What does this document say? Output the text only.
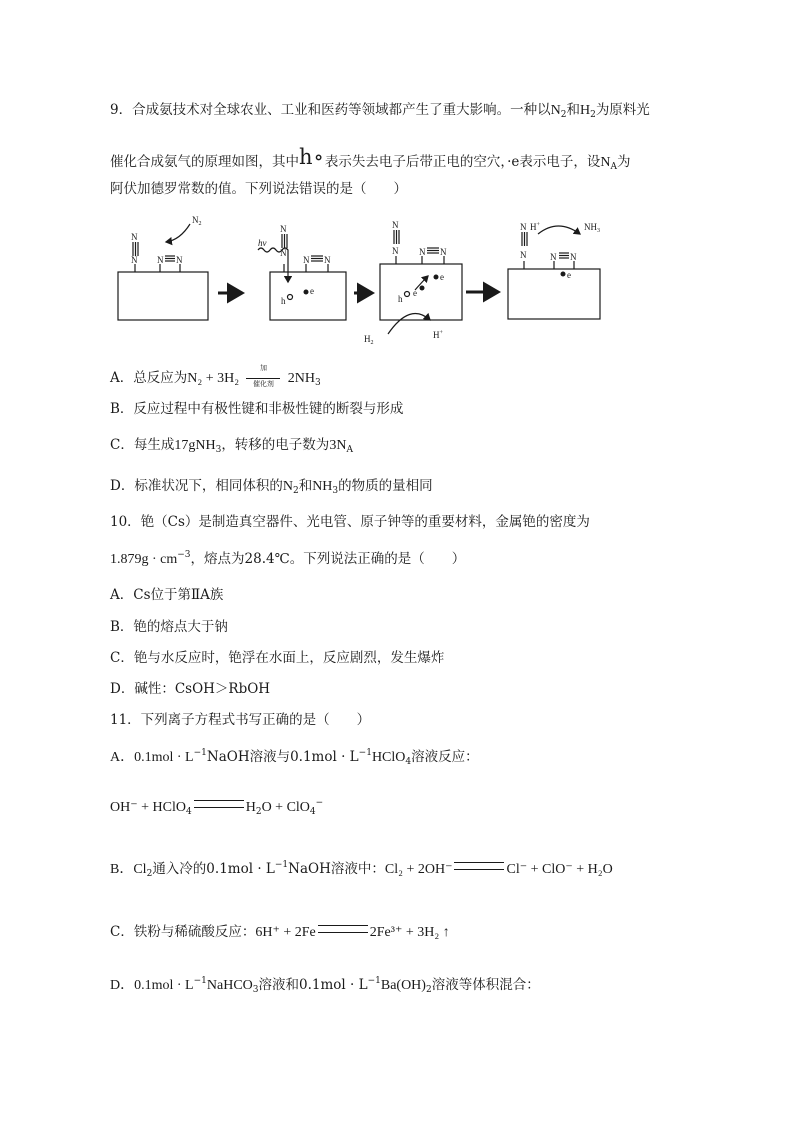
9．合成氨技术对全球农业、工业和医药等领域都产生了重大影响。一种以$N_2$和$H_2$为原料光
催化合成氨气的原理如图，其中h∘表示失去电子后带正电的空穴，·e表示电子，设$N_A$为
阿伏加德罗常数的值。下列说法错误的是（　　）
N
N N N
N
N
N N
N
N N N
N
N	N N
$N_2$
hν
h
e
h
e
e
$H_2$
H+
H+	$NH_3$
e
A．总反应为N₂ + 3H₂
加
催化剂 $2NH_3$
B．反应过程中有极性键和非极性键的断裂与形成
C．每生成17gNH$_3$，转移的电子数为$3N_A$
D．标准状况下，相同体积的$N_2$和$NH_3$的物质的量相同
10．铯（Cs）是制造真空器件、光电管、原子钟等的重要材料，金属铯的密度为
$1.879g \cdot cm^{-3}$，熔点为28.4℃。下列说法正确的是（　　）
A．Cs位于第ⅡA族
B．铯的熔点大于钠
C．铯与水反应时，铯浮在水面上，反应剧烈，发生爆炸
D．碱性：CsOH＞RbOH
11．下列离子方程式书写正确的是（　　）
A．$0.1mol \cdot L^{-1}NaOH$溶液与$0.1mol \cdot L^{-1}HClO_4$溶液反应：
OH⁻ + HClO$_4$	$H_2O + ClO_4^-$
B．$Cl_2$通入冷的$0.1mol \cdot L^{-1}NaOH$溶液中：Cl₂ + 2OH⁻	Cl⁻ + ClO⁻ + H₂O
C．铁粉与稀硫酸反应：6H⁺ + 2Fe	2Fe³⁺ + 3H₂ ↑
D．$0.1mol \cdot L^{-1}NaHCO_3$溶液和$0.1mol \cdot L^{-1}Ba(OH)_2$溶液等体积混合：
